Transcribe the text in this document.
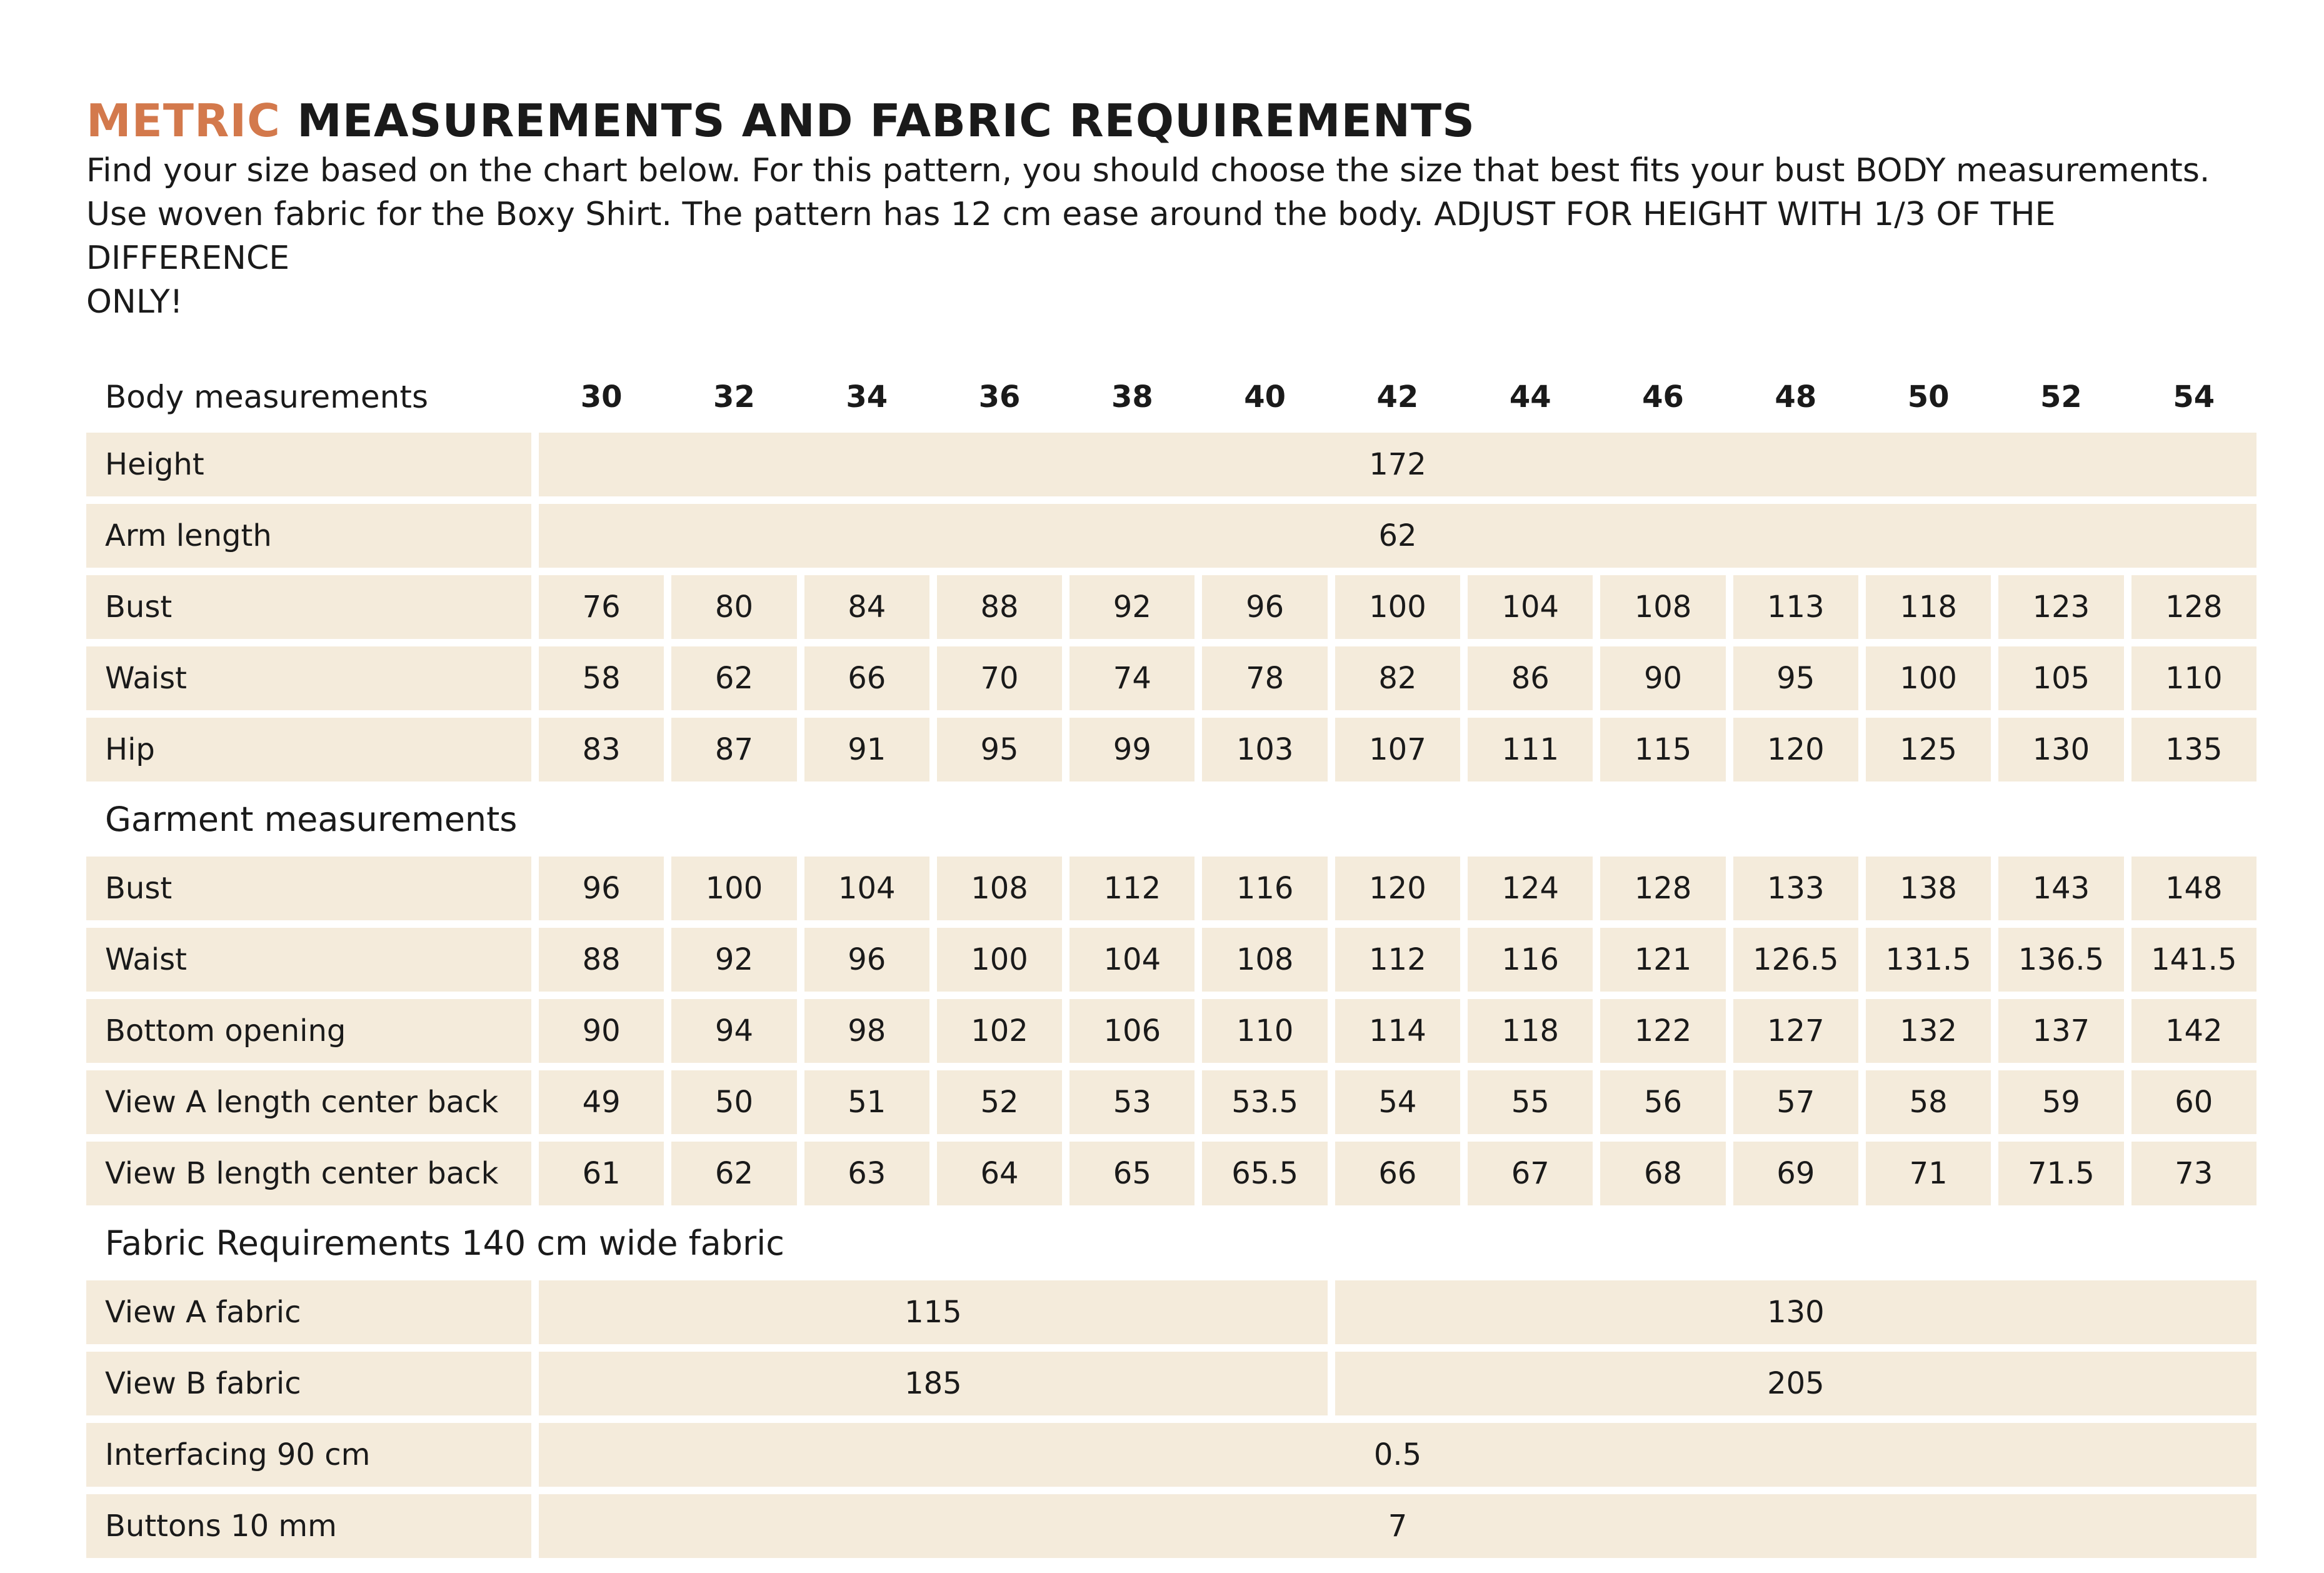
METRIC MEASUREMENTS AND FABRIC REQUIREMENTS

Find your size based on the chart below. For this pattern, you should choose the size that best fits your bust BODY measurements.
Use woven fabric for the Boxy Shirt. The pattern has 12 cm ease around the body. ADJUST FOR HEIGHT WITH 1/3 OF THE DIFFERENCE
ONLY!

Body measurements	30	32	34	36	38	40	42	44	46	48	50	52	54
Height	172												
Arm length	62												
Bust	76	80	84	88	92	96	100	104	108	113	118	123	128
Waist	58	62	66	70	74	78	82	86	90	95	100	105	110
Hip	83	87	91	95	99	103	107	111	115	120	125	130	135
Garment measurements													
Bust	96	100	104	108	112	116	120	124	128	133	138	143	148
Waist	88	92	96	100	104	108	112	116	121	126.5	131.5	136.5	141.5
Bottom opening	90	94	98	102	106	110	114	118	122	127	132	137	142
View A length center back	49	50	51	52	53	53.5	54	55	56	57	58	59	60
View B length center back	61	62	63	64	65	65.5	66	67	68	69	71	71.5	73
Fabric Requirements 140 cm wide fabric													
View A fabric	115						130						
View B fabric	185						205						
Interfacing 90 cm	0.5												
Buttons 10 mm	7												
